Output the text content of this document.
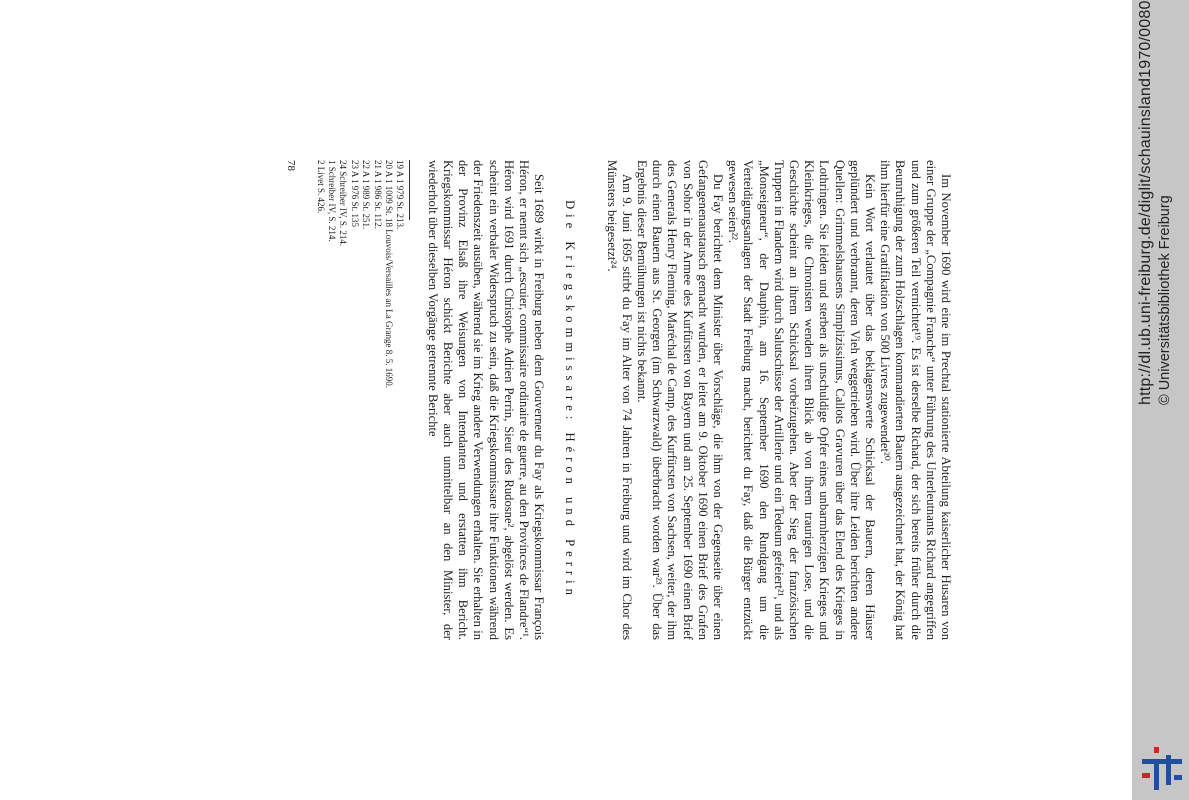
Im November 1690 wird eine im Prechtal stationierte Abteilung kaiserlicher Husaren von einer Gruppe der „Compagnie Franche“ unter Führung des Unterleutnants Richard angegriffen und zum größeren Teil vernichtet¹⁹. Es ist derselbe Richard, der sich bereits früher durch die Beunruhigung der zum Holzschlagen kommandierten Bauern ausgezeichnet hat, der König hat ihm hierfür eine Gratifikation von 500 Livres zugewendet²⁰.

Kein Wort verlautet über das beklagenswerte Schicksal der Bauern, deren Häuser geplündert und verbrannt, deren Vieh weggetrieben wird. Über ihre Leiden berichten andere Quellen: Grimmelshausens Simplizissimus, Callots Gravuren über das Elend des Krieges in Lothringen. Sie leiden und sterben als unschuldige Opfer eines unbarmherzigen Krieges und Kleinkrieges, die Chronisten wenden ihren Blick ab von ihrem traurigen Lose, und die Geschichte scheint an ihrem Schicksal vorbeizugehen. Aber der Sieg der französischen Truppen in Flandern wird durch Salutschüsse der Artillerie und ein Tedeum gefeiert²¹, und als „Monseigneur“, der Dauphin, am 16. September 1690 den Rundgang um die Verteidigungsanlagen der Stadt Freiburg macht, berichtet du Fay, daß die Bürger entzückt gewesen seien²².

Du Fay berichtet dem Minister über Vorschläge, die ihm von der Gegenseite über einen Gefangenenaustausch gemacht wurden, er leitet am 9. Oktober 1690 einen Brief des Grafen von Sohor in der Armee des Kurfürsten von Bayern und am 25. September 1690 einen Brief des Generals Henry Fleming, Maréchal de Camp, des Kurfürsten von Sachsen, weiter, der ihm durch einen Bauern aus St. Georgen (im Schwarzwald) überbracht worden war²³. Über das Ergebnis dieser Bemühungen ist nichts bekannt.

Am 9. Juni 1695 stirbt du Fay im Alter von 74 Jahren in Freiburg und wird im Chor des Münsters beigesetzt²⁴.

Die Kriegskommissare: Héron und Perrin

Seit 1689 wirkt in Freiburg neben dem Gouverneur du Fay als Kriegskommissar François Héron, er nennt sich „escuier, commissaire ordinaire de guerre, au den Provinces de Flandre“¹. Héron wird 1691 durch Christophe Adrien Perrin, Sieur des Rudosne², abgelöst werden. Es scheint ein verbaler Widerspruch zu sein, daß die Kriegskommissare ihre Funktionen während der Friedenszeit ausüben, während sie im Krieg andere Verwendungen erhalten. Sie erhalten in der Provinz Elsaß ihre Weisungen von Intendanten und erstatten ihm Bericht. Kriegskommissar Héron schickt Berichte aber auch unmittelbar an den Minister, der wiederholt über dieselben Vorgänge getrennte Berichte

19 A 1 979 St. 213.
20 A 1 1009 St. 18 Louvois/Versailles an La Grange 8. 5. 1690.
21 A 1 986 St. 112.
22 A 1 989 St. 251.
23 A 1 976 St. 135
24 Schreiber IV, S. 214.
1 Schreiber IV, S. 214.
2 Livet S. 426.
78	http://dl.ub.uni-freiburg.de/diglit/schauinsland1970/0080 © Universitätsbibliothek Freiburg
